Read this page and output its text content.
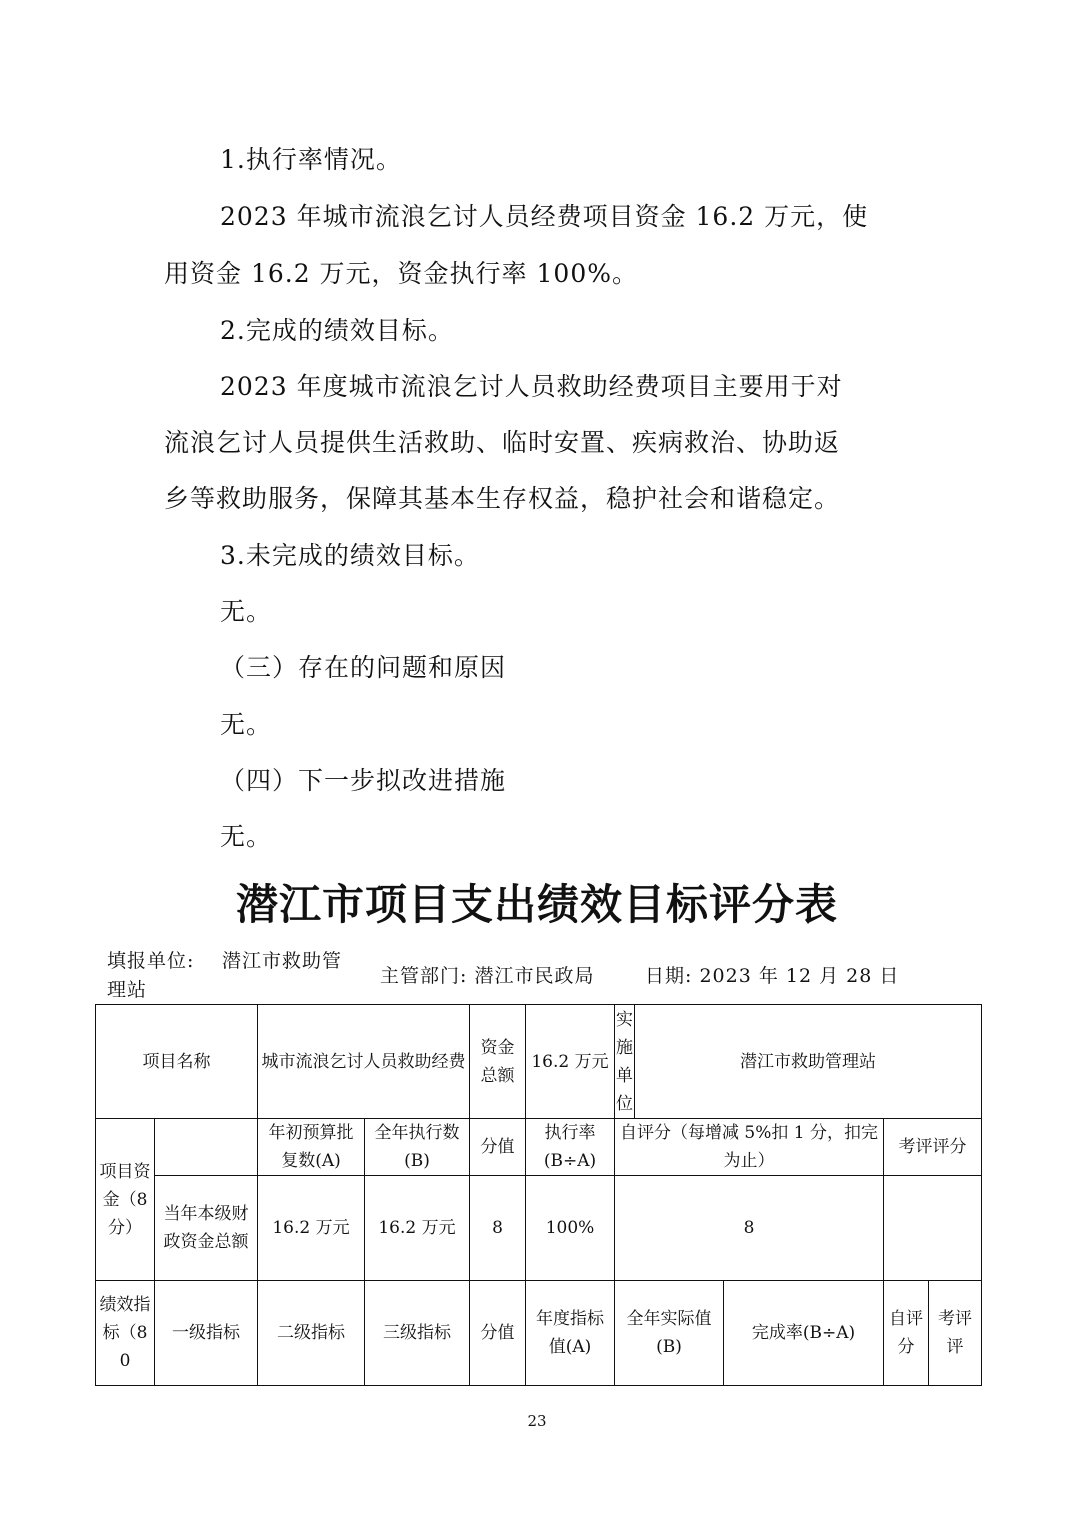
1.执行率情况。
2023 年城市流浪乞讨人员经费项目资金 16.2 万元，使
用资金 16.2 万元，资金执行率 100%。
2.完成的绩效目标。
2023 年度城市流浪乞讨人员救助经费项目主要用于对
流浪乞讨人员提供生活救助、临时安置、疾病救治、协助返
乡等救助服务，保障其基本生存权益，稳护社会和谐稳定。
3.未完成的绩效目标。
无。
（三）存在的问题和原因
无。
（四）下一步拟改进措施
无。
潜江市项目支出绩效目标评分表
填报单位: 潜江市救助管
理站
主管部门: 潜江市民政局	日期: 2023 年 12 月 28 日
项目名称		城市流浪乞讨人员救助经费		资金总额	16.2 万元	实施单位	潜江市救助管理站			
项目资金（8分）		年初预算批复数(A)	全年执行数(B)	分值	执行率(B÷A)	自评分（每增减 5%扣 1 分，扣完为止）			考评评分	
	当年本级财政资金总额	16.2 万元	16.2 万元	8	100%	8				
绩效指标（80	一级指标	二级指标	三级指标	分值	年度指标值(A)	全年实际值(B)		完成率(B÷A)	自评分	考评评
23
